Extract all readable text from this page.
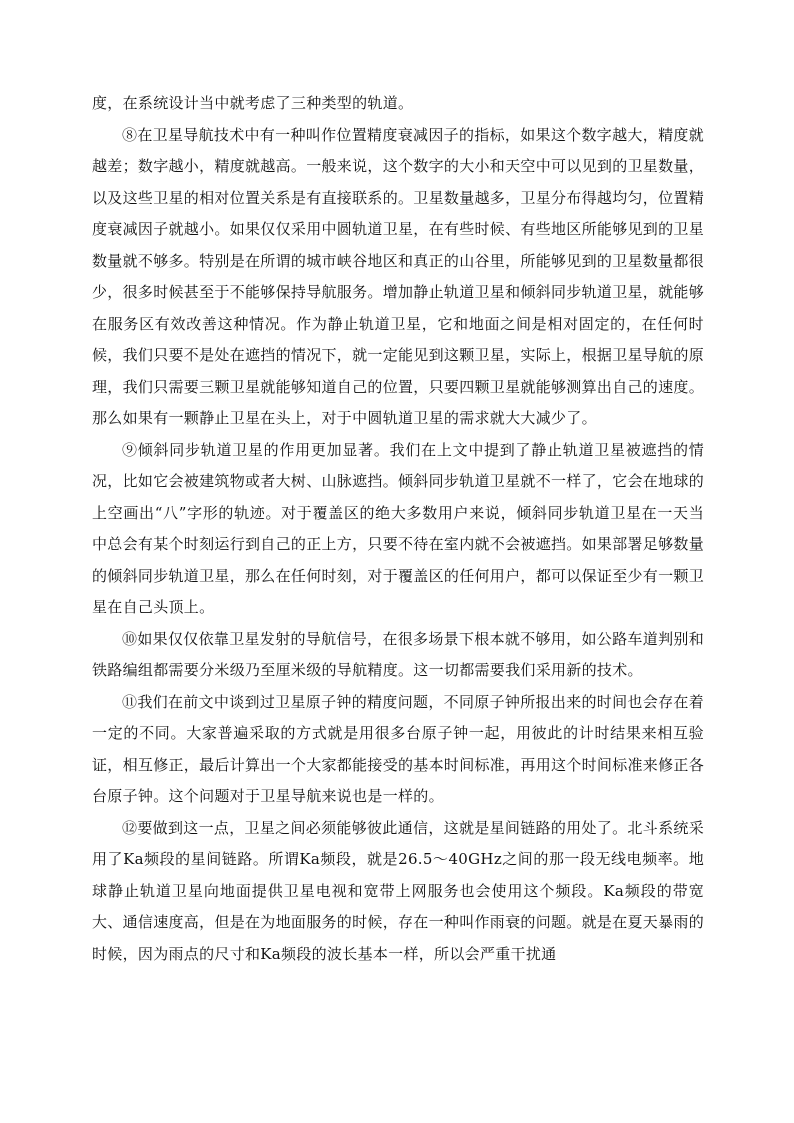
度，在系统设计当中就考虑了三种类型的轨道。

⑧在卫星导航技术中有一种叫作位置精度衰减因子的指标，如果这个数字越大，精度就越差；数字越小，精度就越高。一般来说，这个数字的大小和天空中可以见到的卫星数量，以及这些卫星的相对位置关系是有直接联系的。卫星数量越多，卫星分布得越均匀，位置精度衰减因子就越小。如果仅仅采用中圆轨道卫星，在有些时候、有些地区所能够见到的卫星数量就不够多。特别是在所谓的城市峡谷地区和真正的山谷里，所能够见到的卫星数量都很少，很多时候甚至于不能够保持导航服务。增加静止轨道卫星和倾斜同步轨道卫星，就能够在服务区有效改善这种情况。作为静止轨道卫星，它和地面之间是相对固定的，在任何时候，我们只要不是处在遮挡的情况下，就一定能见到这颗卫星，实际上，根据卫星导航的原理，我们只需要三颗卫星就能够知道自己的位置，只要四颗卫星就能够测算出自己的速度。那么如果有一颗静止卫星在头上，对于中圆轨道卫星的需求就大大减少了。

⑨倾斜同步轨道卫星的作用更加显著。我们在上文中提到了静止轨道卫星被遮挡的情况，比如它会被建筑物或者大树、山脉遮挡。倾斜同步轨道卫星就不一样了，它会在地球的上空画出“八”字形的轨迹。对于覆盖区的绝大多数用户来说，倾斜同步轨道卫星在一天当中总会有某个时刻运行到自己的正上方，只要不待在室内就不会被遮挡。如果部署足够数量的倾斜同步轨道卫星，那么在任何时刻，对于覆盖区的任何用户，都可以保证至少有一颗卫星在自己头顶上。

⑩如果仅仅依靠卫星发射的导航信号，在很多场景下根本就不够用，如公路车道判别和铁路编组都需要分米级乃至厘米级的导航精度。这一切都需要我们采用新的技术。

⑪我们在前文中谈到过卫星原子钟的精度问题，不同原子钟所报出来的时间也会存在着一定的不同。大家普遍采取的方式就是用很多台原子钟一起，用彼此的计时结果来相互验证，相互修正，最后计算出一个大家都能接受的基本时间标准，再用这个时间标准来修正各台原子钟。这个问题对于卫星导航来说也是一样的。

⑫要做到这一点，卫星之间必须能够彼此通信，这就是星间链路的用处了。北斗系统采用了Ka频段的星间链路。所谓Ka频段，就是26.5～40GHz之间的那一段无线电频率。地球静止轨道卫星向地面提供卫星电视和宽带上网服务也会使用这个频段。Ka频段的带宽大、通信速度高，但是在为地面服务的时候，存在一种叫作雨衰的问题。就是在夏天暴雨的时候，因为雨点的尺寸和Ka频段的波长基本一样，所以会严重干扰通
